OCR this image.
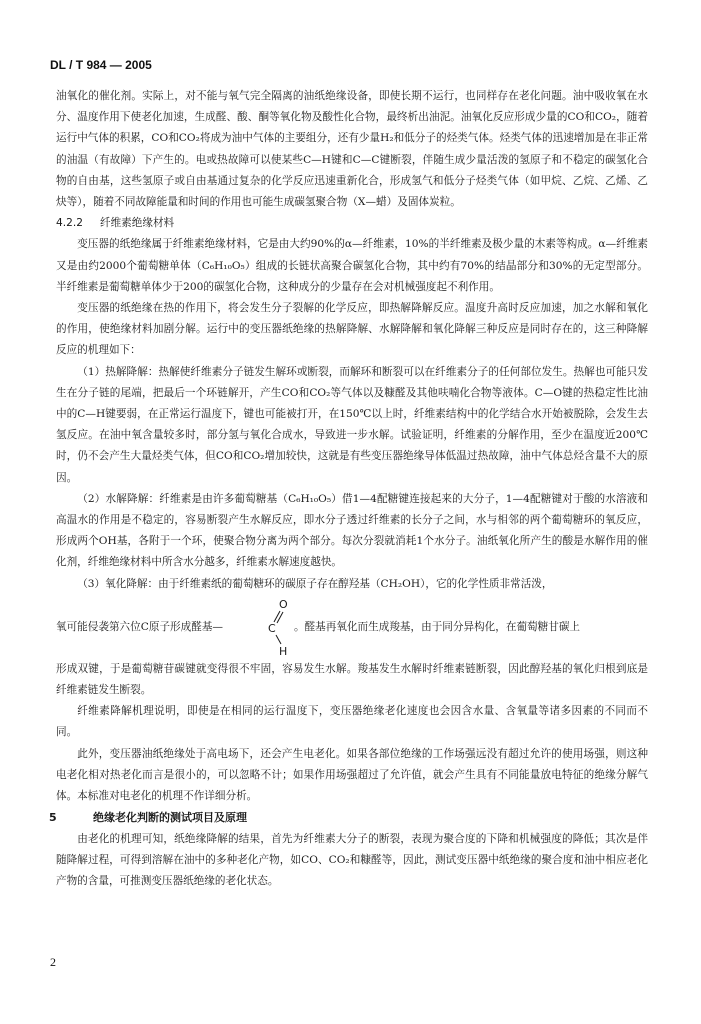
DL / T 984 — 2005

油氧化的催化剂。实际上，对不能与氧气完全隔离的油纸绝缘设备，即使长期不运行，也同样存在老化问题。油中吸收氧在水分、温度作用下使老化加速，生成醛、酸、酮等氧化物及酸性化合物，最终析出油泥。油氧化反应形成少量的CO和CO₂，随着运行中气体的积累，CO和CO₂将成为油中气体的主要组分，还有少量H₂和低分子的烃类气体。烃类气体的迅速增加是在非正常的油温（有故障）下产生的。电或热故障可以使某些C—H键和C—C键断裂，伴随生成少量活泼的氢原子和不稳定的碳氢化合物的自由基，这些氢原子或自由基通过复杂的化学反应迅速重新化合，形成氢气和低分子烃类气体（如甲烷、乙烷、乙烯、乙炔等），随着不同故障能量和时间的作用也可能生成碳氢聚合物（X—蜡）及固体炭粒。

4.2.2 纤维素绝缘材料

变压器的纸绝缘属于纤维素绝缘材料，它是由大约90%的α—纤维素，10%的半纤维素及极少量的木素等构成。α—纤维素又是由约2000个葡萄糖单体（C₆H₁₀O₅）组成的长链状高聚合碳氢化合物，其中约有70%的结晶部分和30%的无定型部分。半纤维素是葡萄糖单体少于200的碳氢化合物，这种成分的少量存在会对机械强度起不利作用。

变压器的纸绝缘在热的作用下，将会发生分子裂解的化学反应，即热解降解反应。温度升高时反应加速，加之水解和氧化的作用，使绝缘材料加剧分解。运行中的变压器纸绝缘的热解降解、水解降解和氧化降解三种反应是同时存在的，这三种降解反应的机理如下：

（1）热解降解：热解使纤维素分子链发生解环或断裂，而解环和断裂可以在纤维素分子的任何部位发生。热解也可能只发生在分子链的尾端，把最后一个环链解开，产生CO和CO₂等气体以及糠醛及其他呋喃化合物等液体。C—O键的热稳定性比油中的C—H键要弱，在正常运行温度下，键也可能被打开，在150℃以上时，纤维素结构中的化学结合水开始被脱除，会发生去氢反应。在油中氧含量较多时，部分氢与氧化合成水，导致进一步水解。试验证明，纤维素的分解作用，至少在温度近200℃时，仍不会产生大量烃类气体，但CO和CO₂增加较快，这就是有些变压器绝缘导体低温过热故障，油中气体总烃含量不大的原因。

（2）水解降解：纤维素是由许多葡萄糖基（C₆H₁₀O₅）借1—4配糖键连接起来的大分子，1—4配糖键对于酸的水溶液和高温水的作用是不稳定的，容易断裂产生水解反应，即水分子透过纤维素的长分子之间，水与相邻的两个葡萄糖环的氧反应，形成两个OH基，各附于一个环，使聚合物分离为两个部分。每次分裂就消耗1个水分子。油纸氧化所产生的酸是水解作用的催化剂，纤维绝缘材料中所含水分越多，纤维素水解速度越快。

（3）氧化降解：由于纤维素纸的葡萄糖环的碳原子存在醇羟基（CH₂OH），它的化学性质非常活泼，

氧可能侵袭第六位C原子形成醛基—
O
C
H
。醛基再氧化而生成羧基，由于同分异构化，在葡萄糖甘碳上

形成双键，于是葡萄糖苷碳键就变得很不牢固，容易发生水解。羧基发生水解时纤维素链断裂，因此醇羟基的氧化归根到底是纤维素链发生断裂。

纤维素降解机理说明，即使是在相同的运行温度下，变压器绝缘老化速度也会因含水量、含氧量等诸多因素的不同而不同。

此外，变压器油纸绝缘处于高电场下，还会产生电老化。如果各部位绝缘的工作场强远没有超过允许的使用场强，则这种电老化相对热老化而言是很小的，可以忽略不计；如果作用场强超过了允许值，就会产生具有不同能量放电特征的绝缘分解气体。本标准对电老化的机理不作详细分析。

5	绝缘老化判断的测试项目及原理

由老化的机理可知，纸绝缘降解的结果，首先为纤维素大分子的断裂，表现为聚合度的下降和机械强度的降低；其次是伴随降解过程，可得到溶解在油中的多种老化产物，如CO、CO₂和糠醛等，因此，测试变压器中纸绝缘的聚合度和油中相应老化产物的含量，可推测变压器纸绝缘的老化状态。

2
